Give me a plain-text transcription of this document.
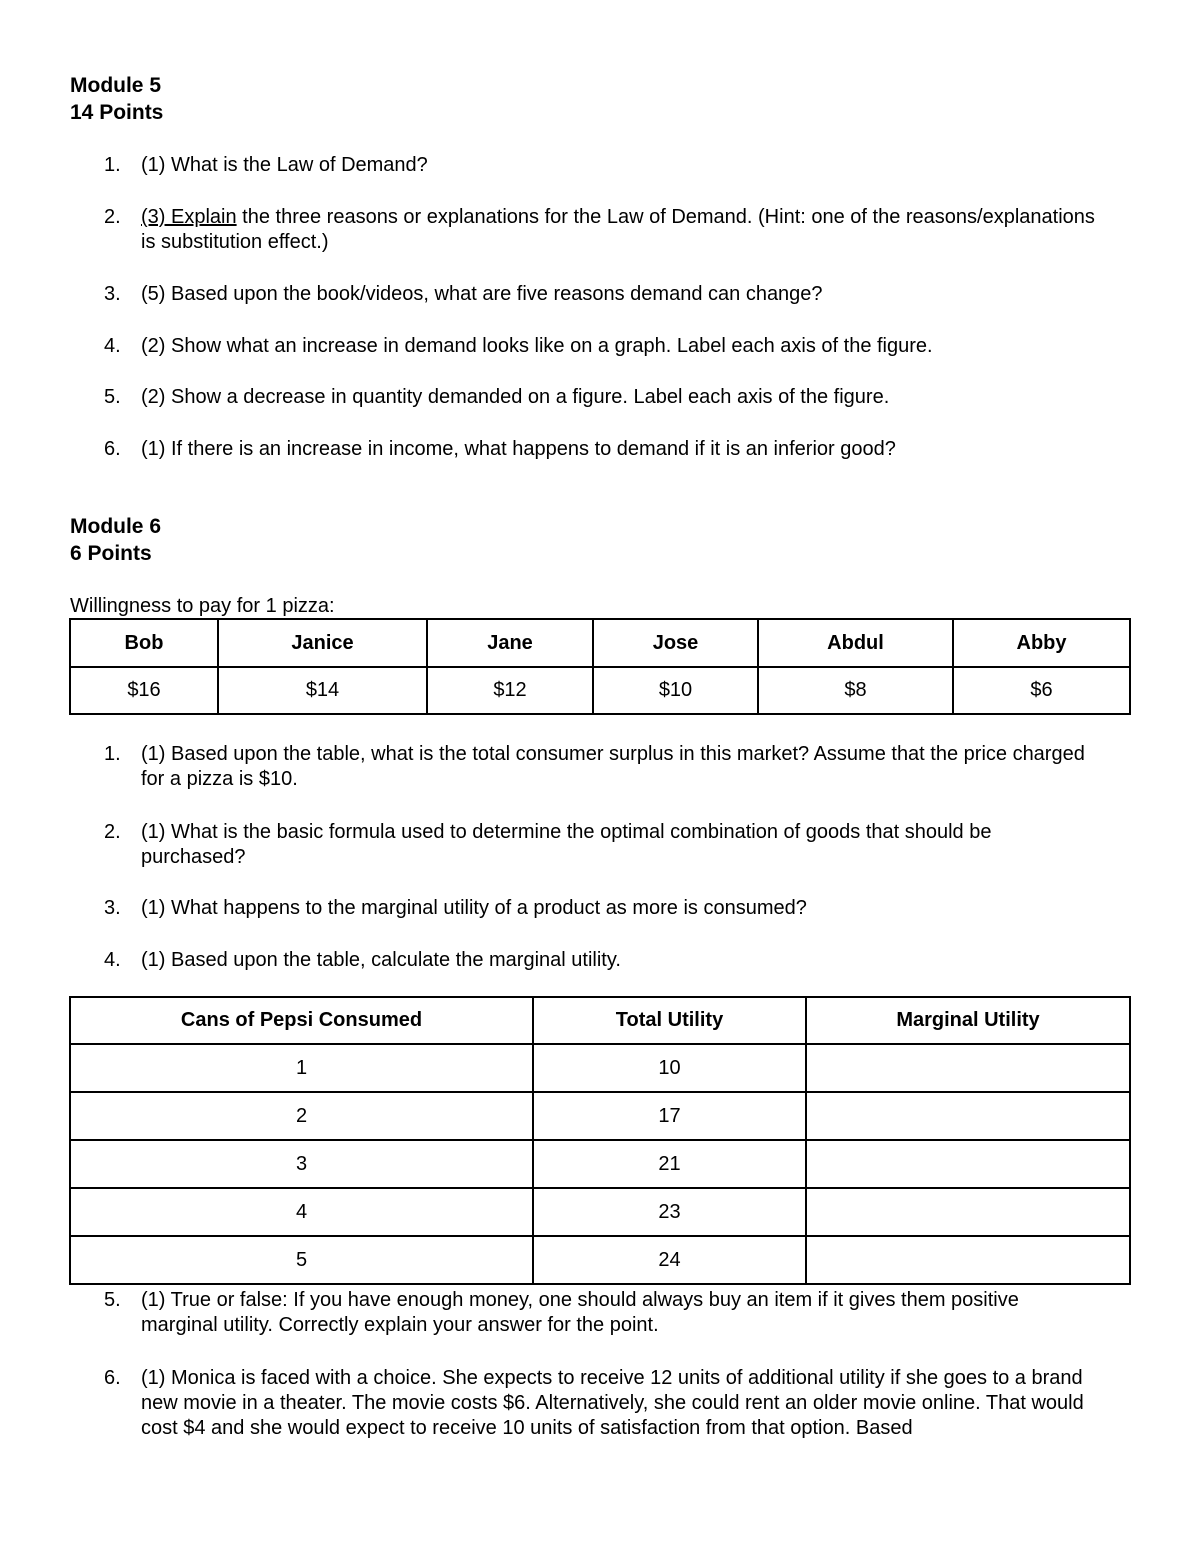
Module 5
14 Points
1.	(1) What is the Law of Demand?
2.	(3) Explain the three reasons or explanations for the Law of Demand. (Hint: one of the reasons/explanations is substitution effect.)
3.	(5) Based upon the book/videos, what are five reasons demand can change?
4.	(2) Show what an increase in demand looks like on a graph. Label each axis of the figure.
5.	(2) Show a decrease in quantity demanded on a figure. Label each axis of the figure.
6.	(1) If there is an increase in income, what happens to demand if it is an inferior good?
Module 6
6 Points
Willingness to pay for 1 pizza:
Bob	Janice	Jane	Jose	Abdul	Abby
$16	$14	$12	$10	$8	$6
1.	(1) Based upon the table, what is the total consumer surplus in this market? Assume that the price charged for a pizza is $10.
2.	(1) What is the basic formula used to determine the optimal combination of goods that should be purchased?
3.	(1) What happens to the marginal utility of a product as more is consumed?
4.	(1) Based upon the table, calculate the marginal utility.
Cans of Pepsi Consumed	Total Utility	Marginal Utility
1	10	
2	17	
3	21	
4	23	
5	24	
5.	(1) True or false: If you have enough money, one should always buy an item if it gives them positive marginal utility. Correctly explain your answer for the point.
6.	(1) Monica is faced with a choice. She expects to receive 12 units of additional utility if she goes to a brand new movie in a theater. The movie costs $6. Alternatively, she could rent an older movie online. That would cost $4 and she would expect to receive 10 units of satisfaction from that option. Based
